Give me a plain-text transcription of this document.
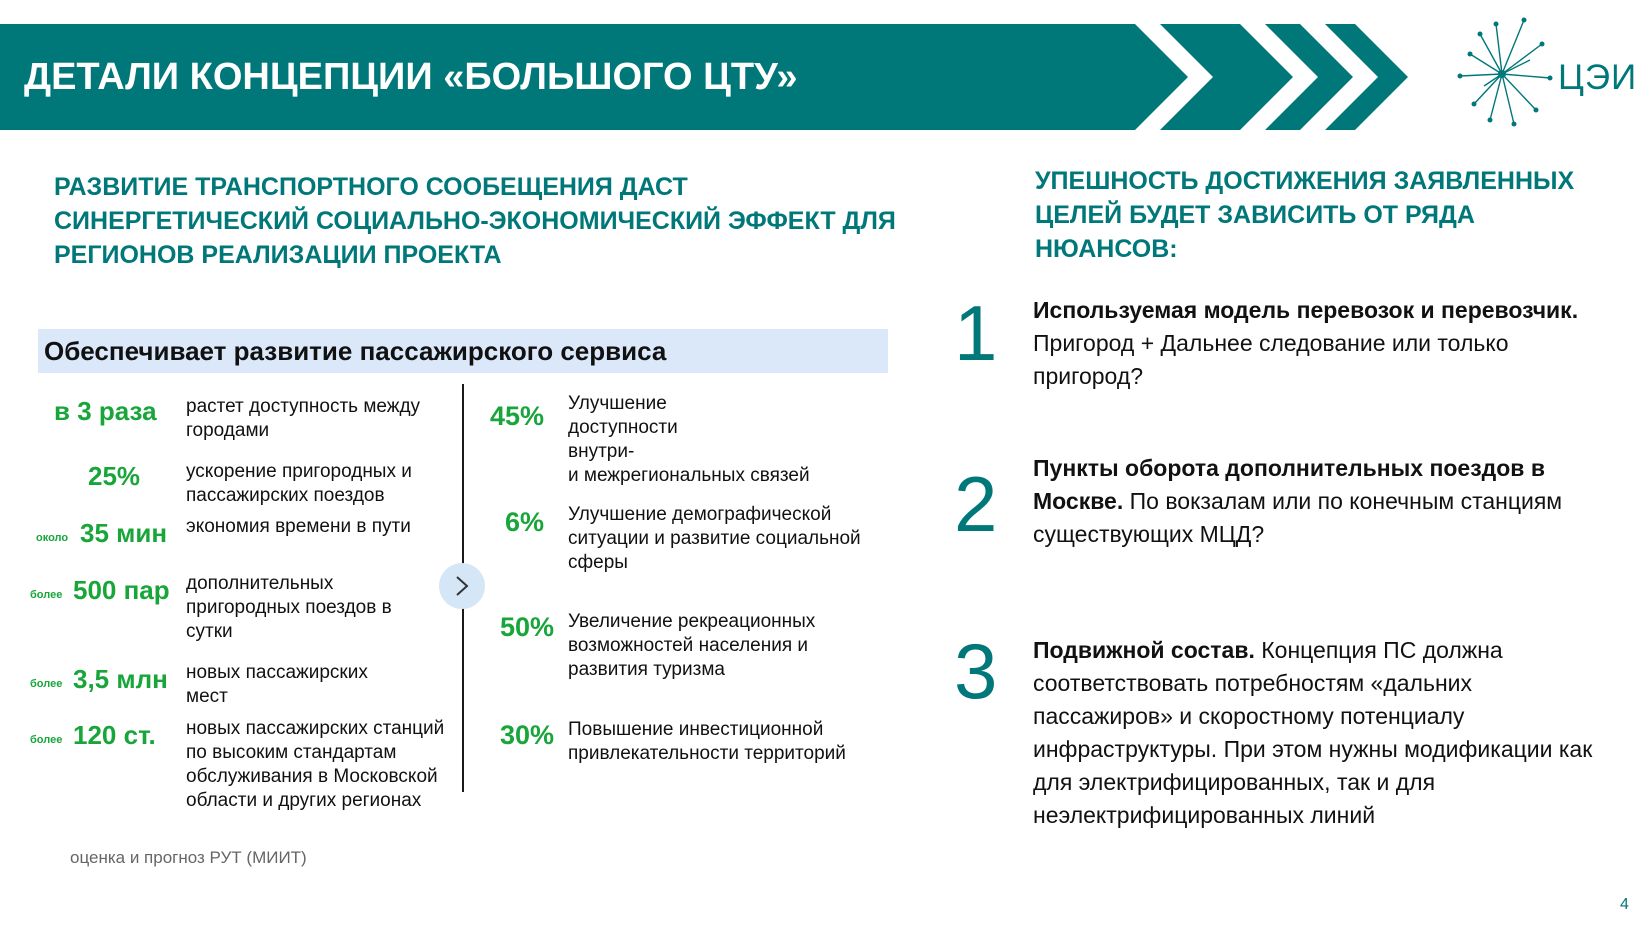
ДЕТАЛИ КОНЦЕПЦИИ «БОЛЬШОГО ЦТУ»	ЦЭИ
РАЗВИТИЕ ТРАНСПОРТНОГО СООБЕЩЕНИЯ ДАСТ СИНЕРГЕТИЧЕСКИЙ СОЦИАЛЬНО-ЭКОНОМИЧЕСКИЙ ЭФФЕКТ ДЛЯ РЕГИОНОВ РЕАЛИЗАЦИИ ПРОЕКТА
УПЕШНОСТЬ ДОСТИЖЕНИЯ ЗАЯВЛЕННЫХ ЦЕЛЕЙ БУДЕТ ЗАВИСИТЬ ОТ РЯДА НЮАНСОВ:
Обеспечивает развитие пассажирского сервиса
в 3 раза растет доступность между городами
25% ускорение пригородных и пассажирских поездов
около 35 мин экономия времени в пути
более 500 пар дополнительных пригородных поездов в сутки
более 3,5 млн новых пассажирских мест
более 120 ст. новых пассажирских станций по высоким стандартам обслуживания в Московской области и других регионах
45% Улучшение доступности внутри-
и межрегиональных связей
6% Улучшение демографической ситуации и развитие социальной сферы
50% Увеличение рекреационных возможностей населения и развития туризма
30% Повышение инвестиционной привлекательности территорий
оценка и прогноз РУТ (МИИТ)
1 Используемая модель перевозок и перевозчик. Пригород + Дальнее следование или только пригород?
2 Пункты оборота дополнительных поездов в Москве. По вокзалам или по конечным станциям существующих МЦД?
3 Подвижной состав. Концепция ПС должна соответствовать потребностям «дальних пассажиров» и скоростному потенциалу инфраструктуры. При этом нужны модификации как для электрифицированных, так и для неэлектрифицированных линий
4
